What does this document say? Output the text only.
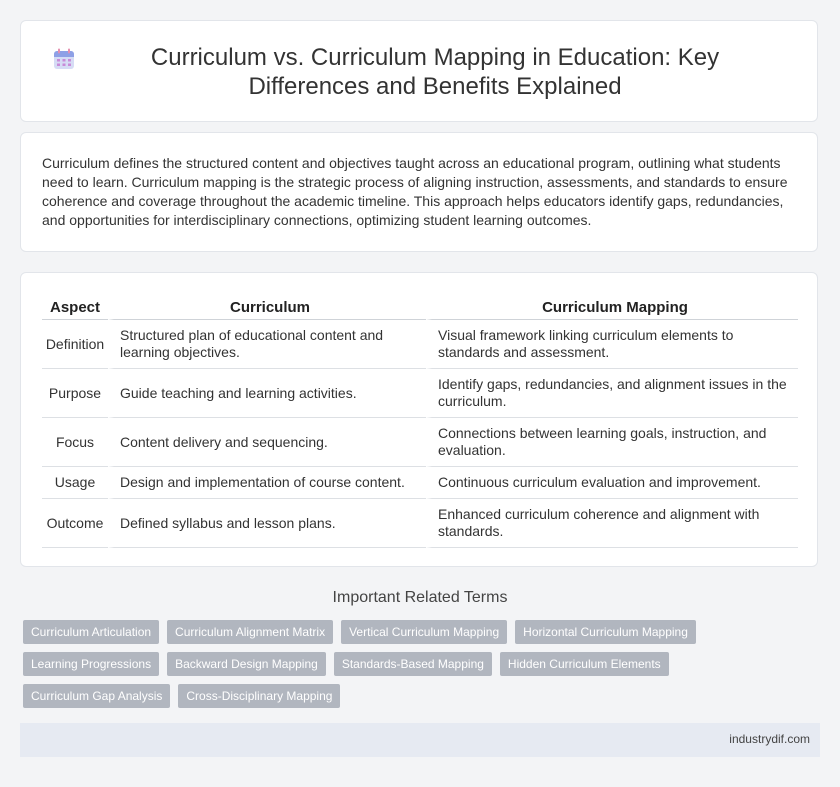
Curriculum vs. Curriculum Mapping in Education: Key Differences and Benefits Explained

Curriculum defines the structured content and objectives taught across an educational program, outlining what students need to learn. Curriculum mapping is the strategic process of aligning instruction, assessments, and standards to ensure coherence and coverage throughout the academic timeline. This approach helps educators identify gaps, redundancies, and opportunities for interdisciplinary connections, optimizing student learning outcomes.

Aspect	Curriculum	Curriculum Mapping
Definition	Structured plan of educational content and learning objectives.	Visual framework linking curriculum elements to standards and assessment.
Purpose	Guide teaching and learning activities.	Identify gaps, redundancies, and alignment issues in the curriculum.
Focus	Content delivery and sequencing.	Connections between learning goals, instruction, and evaluation.
Usage	Design and implementation of course content.	Continuous curriculum evaluation and improvement.
Outcome	Defined syllabus and lesson plans.	Enhanced curriculum coherence and alignment with standards.
Important Related Terms
Curriculum Articulation	Curriculum Alignment Matrix	Vertical Curriculum Mapping	Horizontal Curriculum Mapping
Learning Progressions	Backward Design Mapping	Standards-Based Mapping	Hidden Curriculum Elements
Curriculum Gap Analysis	Cross-Disciplinary Mapping
industrydif.com
